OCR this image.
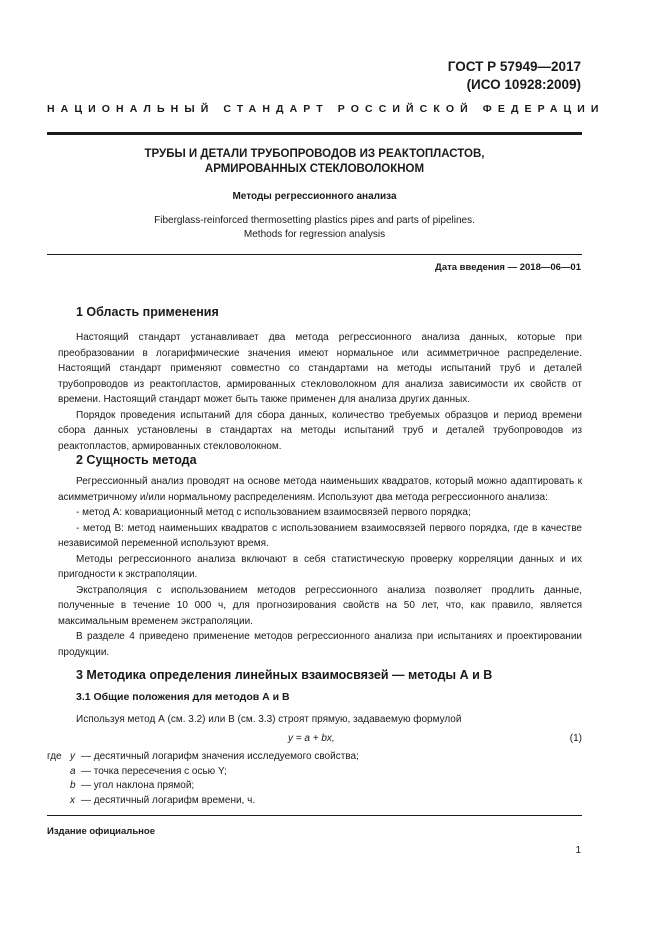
ГОСТ Р 57949—2017
(ИСО 10928:2009)
НАЦИОНАЛЬНЫЙ СТАНДАРТ РОССИЙСКОЙ ФЕДЕРАЦИИ
ТРУБЫ И ДЕТАЛИ ТРУБОПРОВОДОВ ИЗ РЕАКТОПЛАСТОВ,
АРМИРОВАННЫХ СТЕКЛОВОЛОКНОМ
Методы регрессионного анализа
Fiberglass-reinforced thermosetting plastics pipes and parts of pipelines.
Methods for regression analysis
Дата введения — 2018—06—01
1 Область применения

Настоящий стандарт устанавливает два метода регрессионного анализа данных, которые при преобразовании в логарифмические значения имеют нормальное или асимметричное распределение. Настоящий стандарт применяют совместно со стандартами на методы испытаний труб и деталей трубопроводов из реактопластов, армированных стекловолокном для анализа зависимости их свойств от времени. Настоящий стандарт может быть также применен для анализа других данных.

Порядок проведения испытаний для сбора данных, количество требуемых образцов и период времени сбора данных установлены в стандартах на методы испытаний труб и деталей трубопроводов из реактопластов, армированных стекловолокном.

2 Сущность метода

Регрессионный анализ проводят на основе метода наименьших квадратов, который можно адаптировать к асимметричному и/или нормальному распределениям. Используют два метода регрессионного анализа:

- метод А: ковариационный метод с использованием взаимосвязей первого порядка;

- метод В: метод наименьших квадратов с использованием взаимосвязей первого порядка, где в качестве независимой переменной используют время.

Методы регрессионного анализа включают в себя статистическую проверку корреляции данных и их пригодности к экстраполяции.

Экстраполяция с использованием методов регрессионного анализа позволяет продлить данные, полученные в течение 10 000 ч, для прогнозирования свойств на 50 лет, что, как правило, является максимальным временем экстраполяции.

В разделе 4 приведено применение методов регрессионного анализа при испытаниях и проектировании продукции.

3 Методика определения линейных взаимосвязей — методы А и В
3.1 Общие положения для методов А и В

Используя метод А (см. 3.2) или В (см. 3.3) строят прямую, задаваемую формулой

y = a + bx,	(1)
где y — десятичный логарифм значения исследуемого свойства;
a — точка пересечения с осью Y;
b — угол наклона прямой;
x — десятичный логарифм времени, ч.
Издание официальное
1
